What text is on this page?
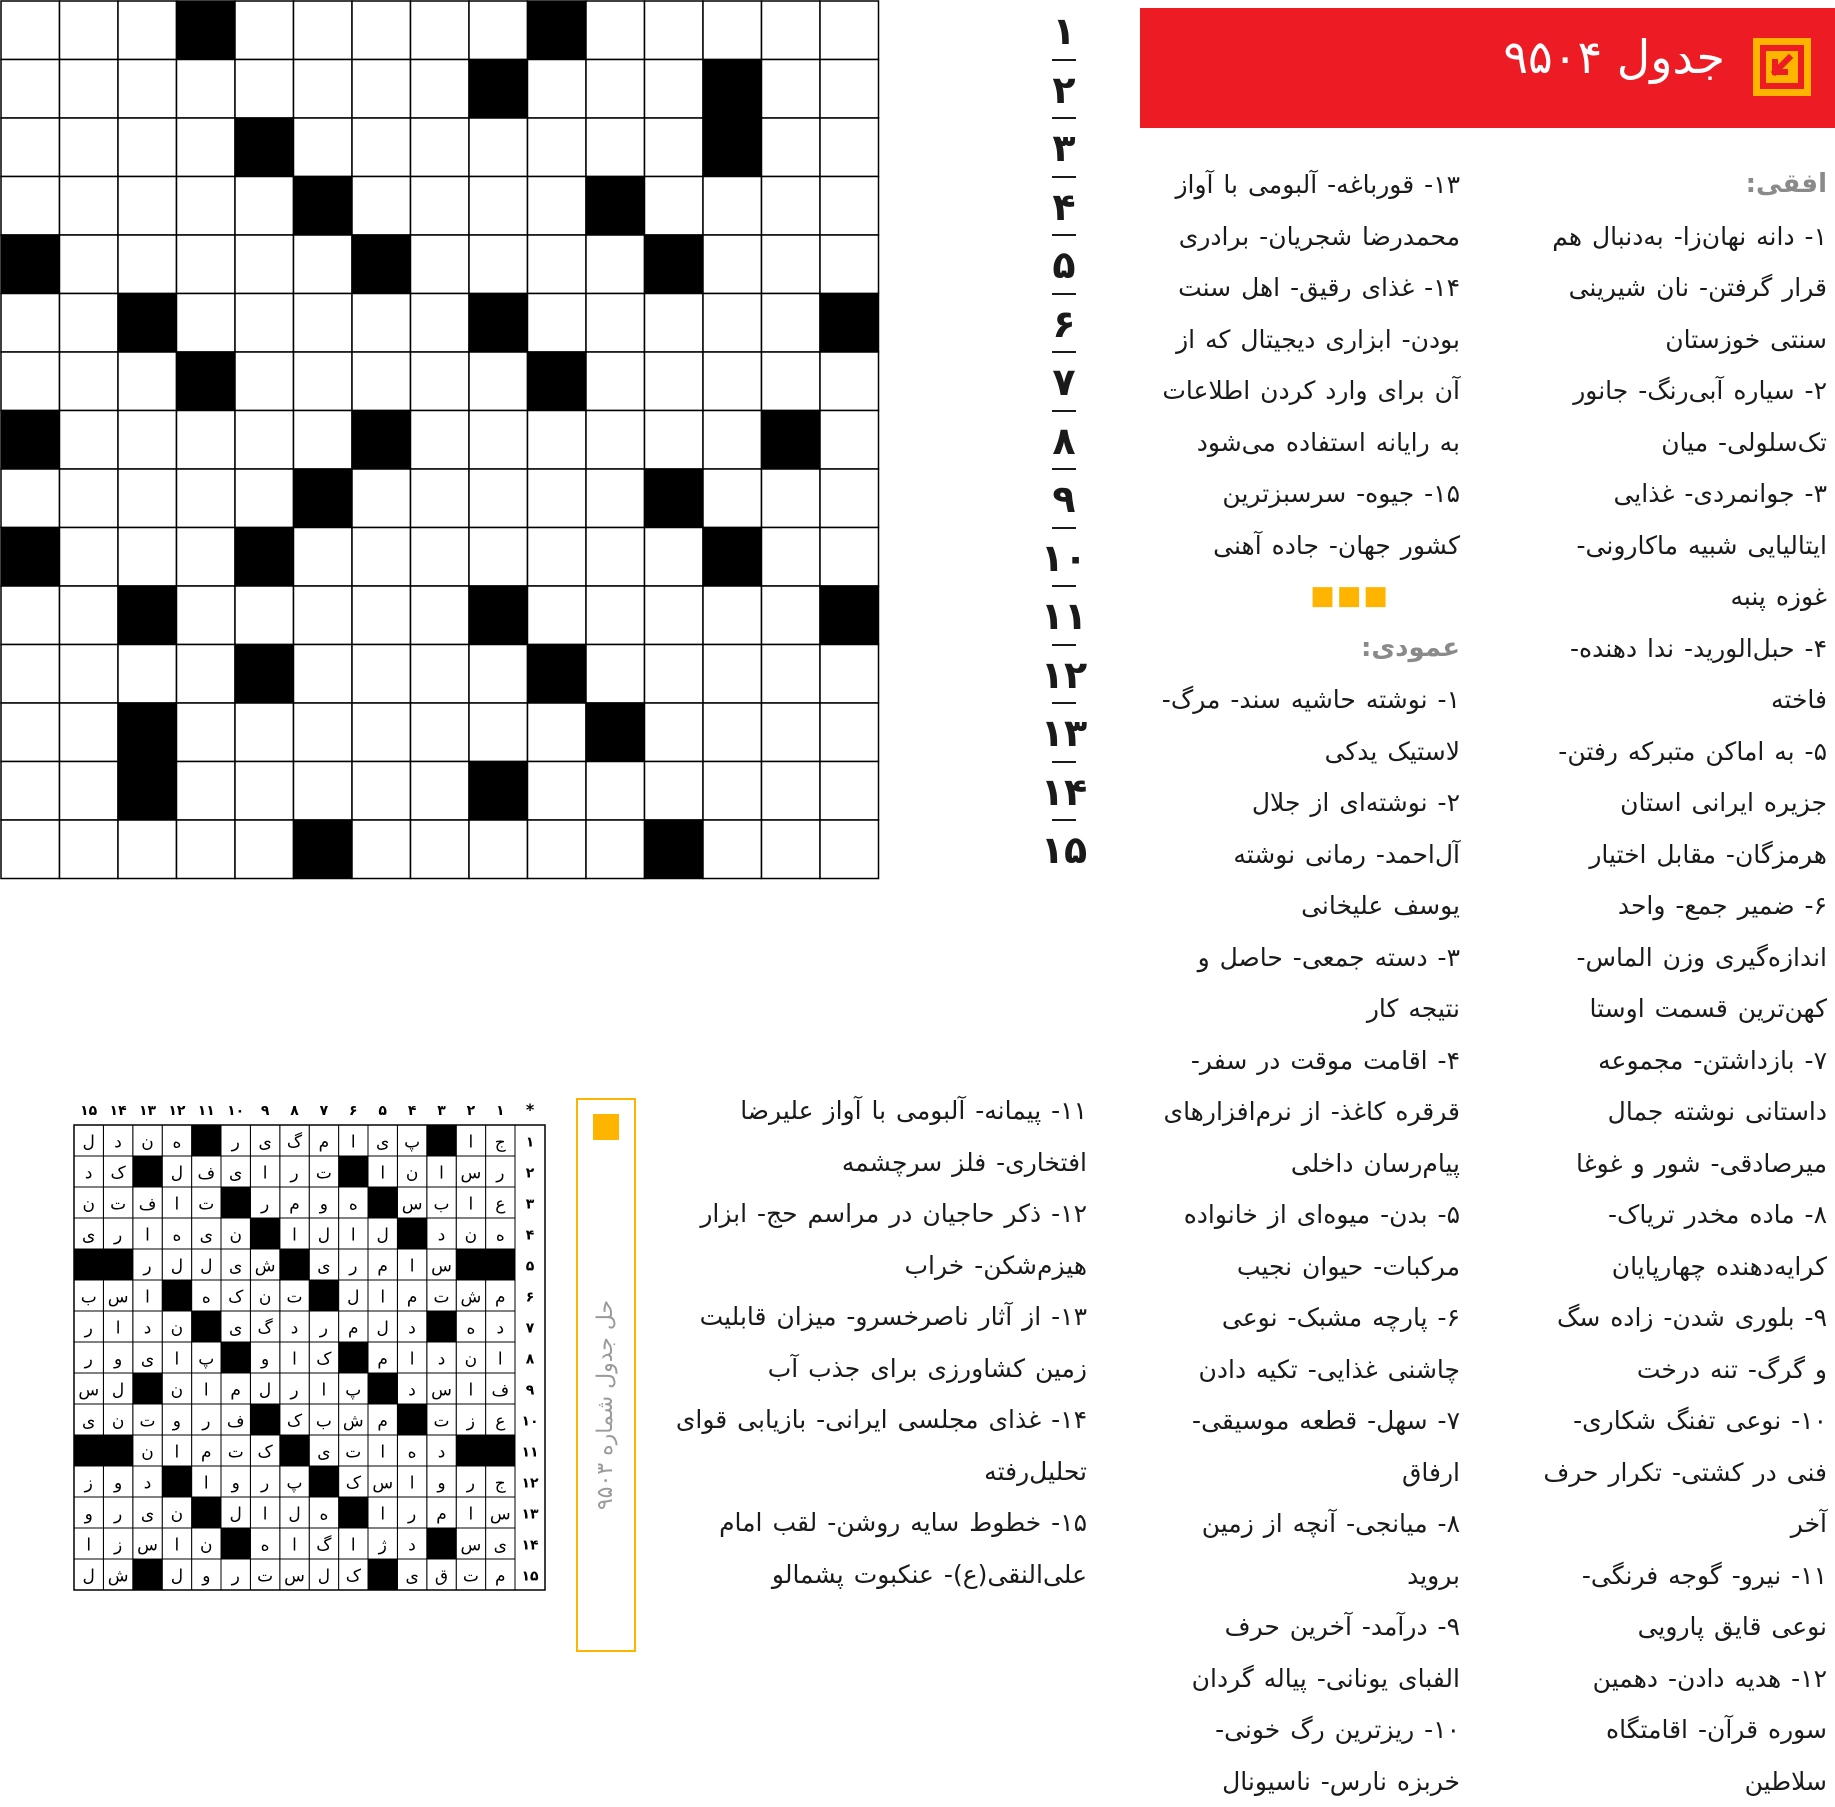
جدول ۹۵۰۴

افقی:

۱- دانه نهان‌زا- به‌دنبال هم قرار گرفتن- نان شیرینی سنتی خوزستان

۲- سیاره آبی‌رنگ- جانور تک‌سلولی- میان

۳- جوانمردی- غذایی ایتالیایی شبیه ماکارونی- غوزه پنبه

۴- حبل‌الورید- ندا دهنده- فاخته

۵- به اماکن متبرکه رفتن- جزیره ایرانی استان هرمزگان- مقابل اختیار

۶- ضمیر جمع- واحد اندازه‌گیری وزن الماس- کهن‌ترین قسمت اوستا

۷- بازداشتن- مجموعه داستانی نوشته جمال میرصادقی- شور و غوغا

۸- ماده مخدر تریاک- کرایه‌دهنده چهارپایان

۹- بلوری شدن- زاده سگ و گرگ- تنه درخت

۱۰- نوعی تفنگ شکاری- فنی در کشتی- تکرار حرف آخر

۱۱- نیرو- گوجه فرنگی- نوعی قایق پارویی

۱۲- هدیه دادن- دهمین سوره قرآن- اقامتگاه سلاطین

۱۳- قورباغه- آلبومی با آواز محمدرضا شجریان- برادری

۱۴- غذای رقیق- اهل سنت بودن- ابزاری دیجیتال که از آن برای وارد کردن اطلاعات به رایانه استفاده می‌شود

۱۵- جیوه- سرسبزترین کشور جهان- جاده آهنی

■■■

عمودی:

۱- نوشته حاشیه سند- مرگ- لاستیک یدکی

۲- نوشته‌ای از جلال آل‌احمد- رمانی نوشته یوسف علیخانی

۳- دسته جمعی- حاصل و نتیجه کار

۴- اقامت موقت در سفر- قرقره کاغذ- از نرم‌افزارهای پیام‌رسان داخلی

۵- بدن- میوه‌ای از خانواده مرکبات- حیوان نجیب

۶- پارچه مشبک- نوعی چاشنی غذایی- تکیه دادن

۷- سهل- قطعه موسیقی- ارفاق

۸- میانجی- آنچه از زمین بروید

۹- درآمد- آخرین حرف الفبای یونانی- پیاله گردان

۱۰- ریزترین رگ خونی- خربزه نارس- ناسیونال

۱۱- پیمانه- آلبومی با آواز علیرضا افتخاری- فلز سرچشمه

۱۲- ذکر حاجیان در مراسم حج- ابزار هیزم‌شکن- خراب

۱۳- از آثار ناصرخسرو- میزان قابلیت زمین کشاورزی برای جذب آب

۱۴- غذای مجلسی ایرانی- بازیابی قوای تحلیل‌رفته

۱۵- خطوط سایه روشن- لقب امام علی‌النقی(ع)- عنکبوت پشمالو

۱
۲
۳
۴
۵
۶
۷
۸
۹
۱۰
۱۱
۱۲
۱۳
۱۴
۱۵
حل جدول شماره ۹۵۰۳
*
۱
۲
۳
۴
۵
۶
۷
۸
۹
۱۰
۱۱
۱۲
۱۳
۱۴
۱۵
۱
۲
۳
۴
۵
۶
۷
۸
۹
۱۰
۱۱
۱۲
۱۳
۱۴
۱۵
ج
ا
پ
ی
ا
م
گ
ی
ر
ه
ن
د
ل
ر
س
ا
ن
ا
ت
ر
ا
ی
ف
ل
ک
د
ع
ا
ب
س
ه
و
م
ر
ت
ا
ف
ت
ن
ه
ن
د
ل
ا
ل
ا
ن
ی
ه
ا
ر
ی
س
ا
م
ر
ی
ش
ی
ل
ل
ر
م
ش
ت
م
ا
ل
ت
ن
ک
ه
ا
س
ب
د
ه
د
ل
م
ر
د
گ
ی
ن
د
ا
ر
ا
ن
د
ا
م
ک
ا
و
پ
ا
ی
و
ر
ف
ا
س
د
پ
ا
ر
ل
م
ا
ن
ل
س
ع
ز
ت
م
ش
ب
ک
ف
ر
و
ت
ن
ی
د
ه
ا
ت
ی
ک
ت
م
ا
ن
ج
ر
و
ا
س
ک
پ
ر
و
ا
د
و
ز
س
ا
م
ر
ا
ه
ل
ا
ل
ن
ی
ر
و
ی
س
د
ژ
ا
گ
ا
ه
ن
ا
س
ز
ا
م
ت
ق
ی
ک
ل
س
ت
ر
و
ل
ش
ل
